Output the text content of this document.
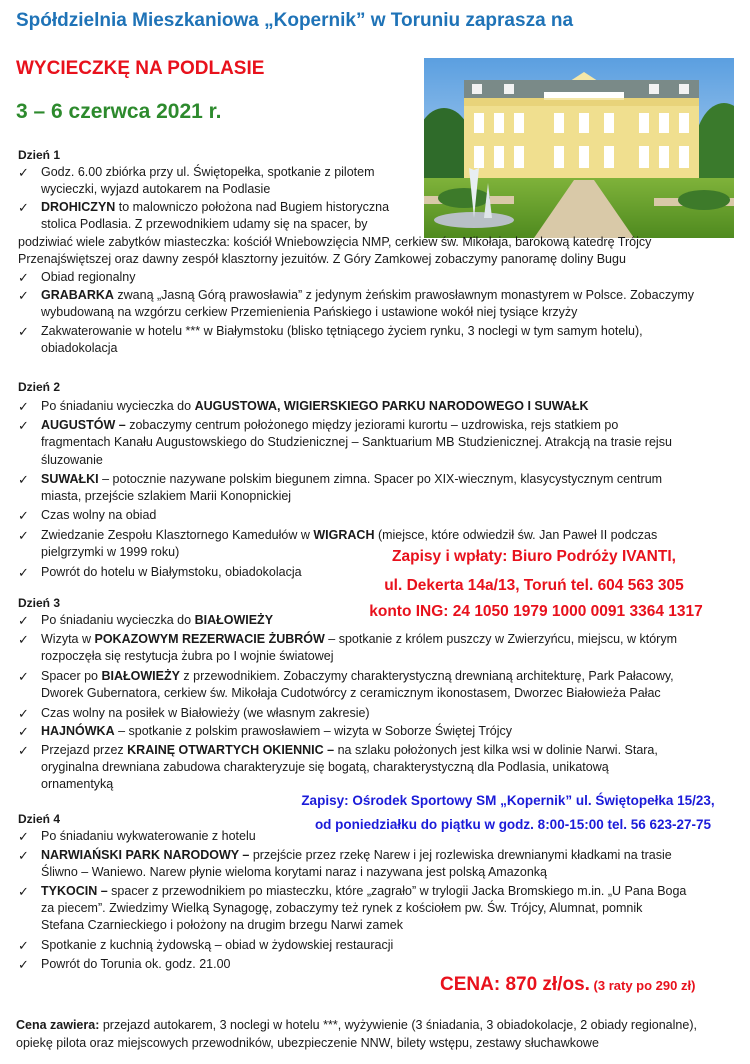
Spółdzielnia Mieszkaniowa „Kopernik” w Toruniu zaprasza na
WYCIECZKĘ NA PODLASIE
3 – 6 czerwca 2021 r.
Dzień 1
✓ Godz. 6.00 zbiórka przy ul. Świętopełka, spotkanie z pilotem
wycieczki, wyjazd autokarem na Podlasie
✓ DROHICZYN to malowniczo położona nad Bugiem historyczna
stolica Podlasia. Z przewodnikiem udamy się na spacer, by
podziwiać wiele zabytków miasteczka: kościół Wniebowzięcia NMP, cerkiew św. Mikołaja, barokową katedrę Trójcy
Przenajświętszej oraz dawny zespół klasztorny jezuitów. Z Góry Zamkowej zobaczymy panoramę doliny Bugu
✓ Obiad regionalny
✓ GRABARKA zwaną „Jasną Górą prawosławia” z jedynym żeńskim prawosławnym monastyrem w Polsce. Zobaczymy
wybudowaną na wzgórzu cerkiew Przemienienia Pańskiego i ustawione wokół niej tysiące krzyży
✓ Zakwaterowanie w hotelu *** w Białymstoku (blisko tętniącego życiem rynku, 3 noclegi w tym samym hotelu),
obiadokolacja
Dzień 2
✓ Po śniadaniu wycieczka do AUGUSTOWA, WIGIERSKIEGO PARKU NARODOWEGO I SUWAŁK
✓ AUGUSTÓW – zobaczymy centrum położonego między jeziorami kurortu – uzdrowiska, rejs statkiem po
fragmentach Kanału Augustowskiego do Studzienicznej – Sanktuarium MB Studzienicznej. Atrakcją na trasie rejsu
śluzowanie
✓ SUWAŁKI – potocznie nazywane polskim biegunem zimna. Spacer po XIX-wiecznym, klasycystycznym centrum
miasta, przejście szlakiem Marii Konopnickiej
✓ Czas wolny na obiad
✓ Zwiedzanie Zespołu Klasztornego Kamedułów w WIGRACH (miejsce, które odwiedził św. Jan Paweł II podczas
pielgrzymki w 1999 roku)
✓ Powrót do hotelu w Białymstoku, obiadokolacja
Zapisy i wpłaty: Biuro Podróży IVANTI,
ul. Dekerta 14a/13, Toruń tel. 604 563 305
konto ING: 24 1050 1979 1000 0091 3364 1317
Dzień 3
✓ Po śniadaniu wycieczka do BIAŁOWIEŻY
✓ Wizyta w POKAZOWYM REZERWACIE ŻUBRÓW – spotkanie z królem puszczy w Zwierzyńcu, miejscu, w którym
rozpoczęła się restytucja żubra po I wojnie światowej
✓ Spacer po BIAŁOWIEŻY z przewodnikiem. Zobaczymy charakterystyczną drewnianą architekturę, Park Pałacowy,
Dworek Gubernatora, cerkiew św. Mikołaja Cudotwórcy z ceramicznym ikonostasem, Dworzec Białowieża Pałac
✓ Czas wolny na posiłek w Białowieży (we własnym zakresie)
✓ HAJNÓWKA – spotkanie z polskim prawosławiem – wizyta w Soborze Świętej Trójcy
✓ Przejazd przez KRAINĘ OTWARTYCH OKIENNIC – na szlaku położonych jest kilka wsi w dolinie Narwi. Stara,
oryginalna drewniana zabudowa charakteryzuje się bogatą, charakterystyczną dla Podlasia, unikatową
ornamentyką
Zapisy: Ośrodek Sportowy SM „Kopernik” ul. Świętopełka 15/23,
od poniedziałku do piątku w godz. 8:00-15:00 tel. 56 623-27-75
Dzień 4
✓ Po śniadaniu wykwaterowanie z hotelu
✓ NARWIAŃSKI PARK NARODOWY – przejście przez rzekę Narew i jej rozlewiska drewnianymi kładkami na trasie
Śliwno – Waniewo. Narew płynie wieloma korytami naraz i nazywana jest polską Amazonką
✓ TYKOCIN – spacer z przewodnikiem po miasteczku, które „zagrało” w trylogii Jacka Bromskiego m.in. „U Pana Boga
za piecem”. Zwiedzimy Wielką Synagogę, zobaczymy też rynek z kościołem pw. Św. Trójcy, Alumnat, pomnik
Stefana Czarnieckiego i położony na drugim brzegu Narwi zamek
✓ Spotkanie z kuchnią żydowską – obiad w żydowskiej restauracji
✓ Powrót do Torunia ok. godz. 21.00
CENA: 870 zł/os. (3 raty po 290 zł)
Cena zawiera: przejazd autokarem, 3 noclegi w hotelu ***, wyżywienie (3 śniadania, 3 obiadokolacje, 2 obiady regionalne), opiekę pilota oraz miejscowych przewodników, ubezpieczenie NNW, bilety wstępu, zestawy słuchawkowe
